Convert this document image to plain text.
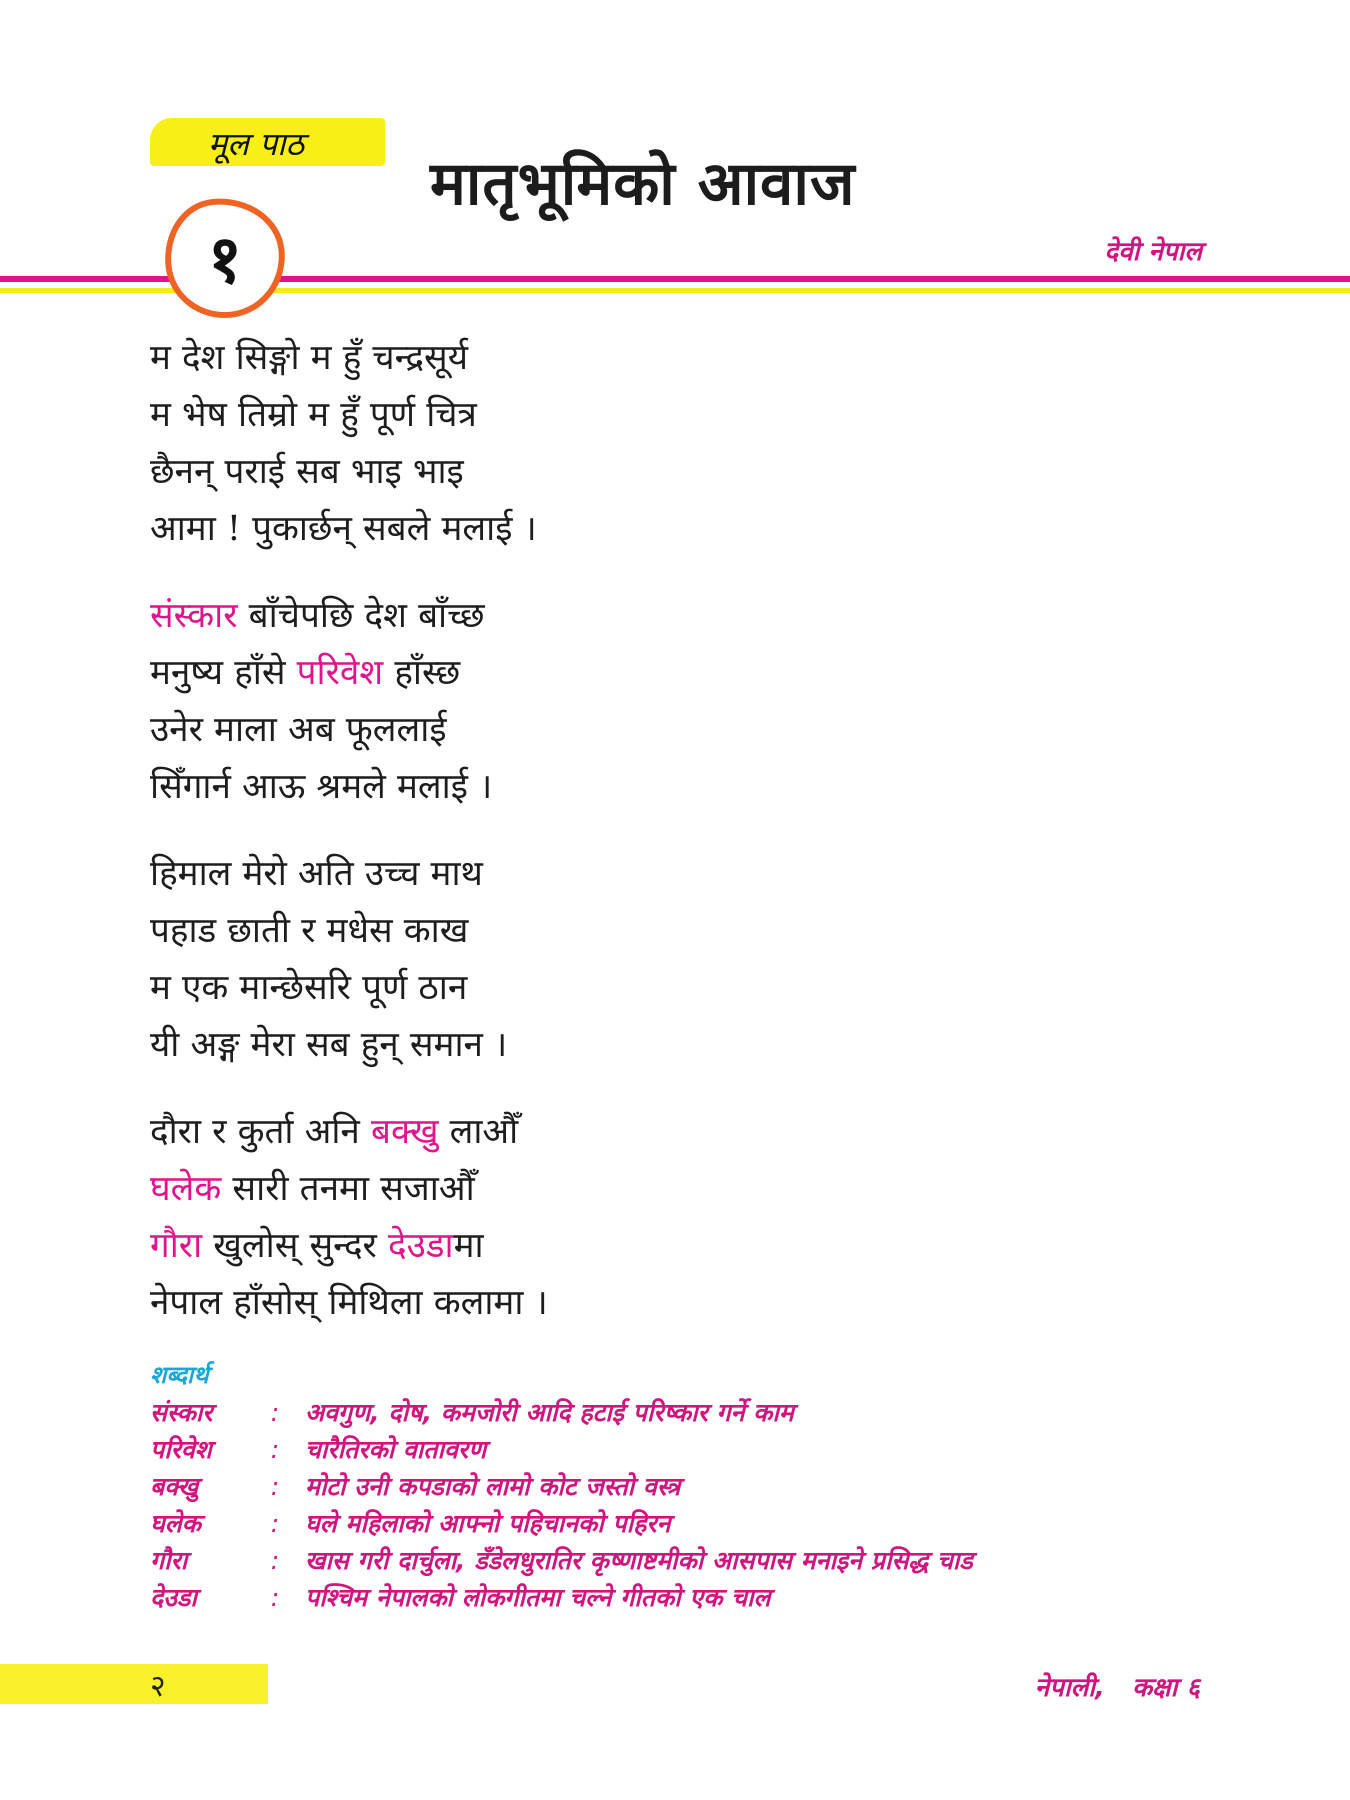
मूल पाठ
मातृभूमिको आवाज
१	देवी नेपाल
म देश सिङ्गो म हुँ चन्द्रसूर्य
म भेष तिम्रो म हुँ पूर्ण चित्र
छैनन् पराई सब भाइ भाइ
आमा ! पुकार्छन् सबले मलाई ।
संस्कार बाँचेपछि देश बाँच्छ
मनुष्य हाँसे परिवेश हाँस्छ
उनेर माला अब फूललाई
सिँगार्न आऊ श्रमले मलाई ।
हिमाल मेरो अति उच्च माथ
पहाड छाती र मधेस काख
म एक मान्छेसरि पूर्ण ठान
यी अङ्ग मेरा सब हुन् समान ।
दौरा र कुर्ता अनि बक्खु लाऔँ
घलेक सारी तनमा सजाऔँ
गौरा खुलोस् सुन्दर देउडामा
नेपाल हाँसोस् मिथिला कलामा ।
शब्दार्थ
संस्कार : अवगुण, दोष, कमजोरी आदि हटाई परिष्कार गर्ने काम
परिवेश : चारैतिरको वातावरण
बक्खु	: मोटो उनी कपडाको लामो कोट जस्तो वस्त्र
घलेक	: घले महिलाको आफ्नो पहिचानको पहिरन
गौरा	: खास गरी दार्चुला, डँडेलधुरातिर कृष्णाष्टमीको आसपास मनाइने प्रसिद्ध चाड
देउडा	: पश्चिम नेपालको लोकगीतमा चल्ने गीतको एक चाल
२	नेपाली,   कक्षा ६
